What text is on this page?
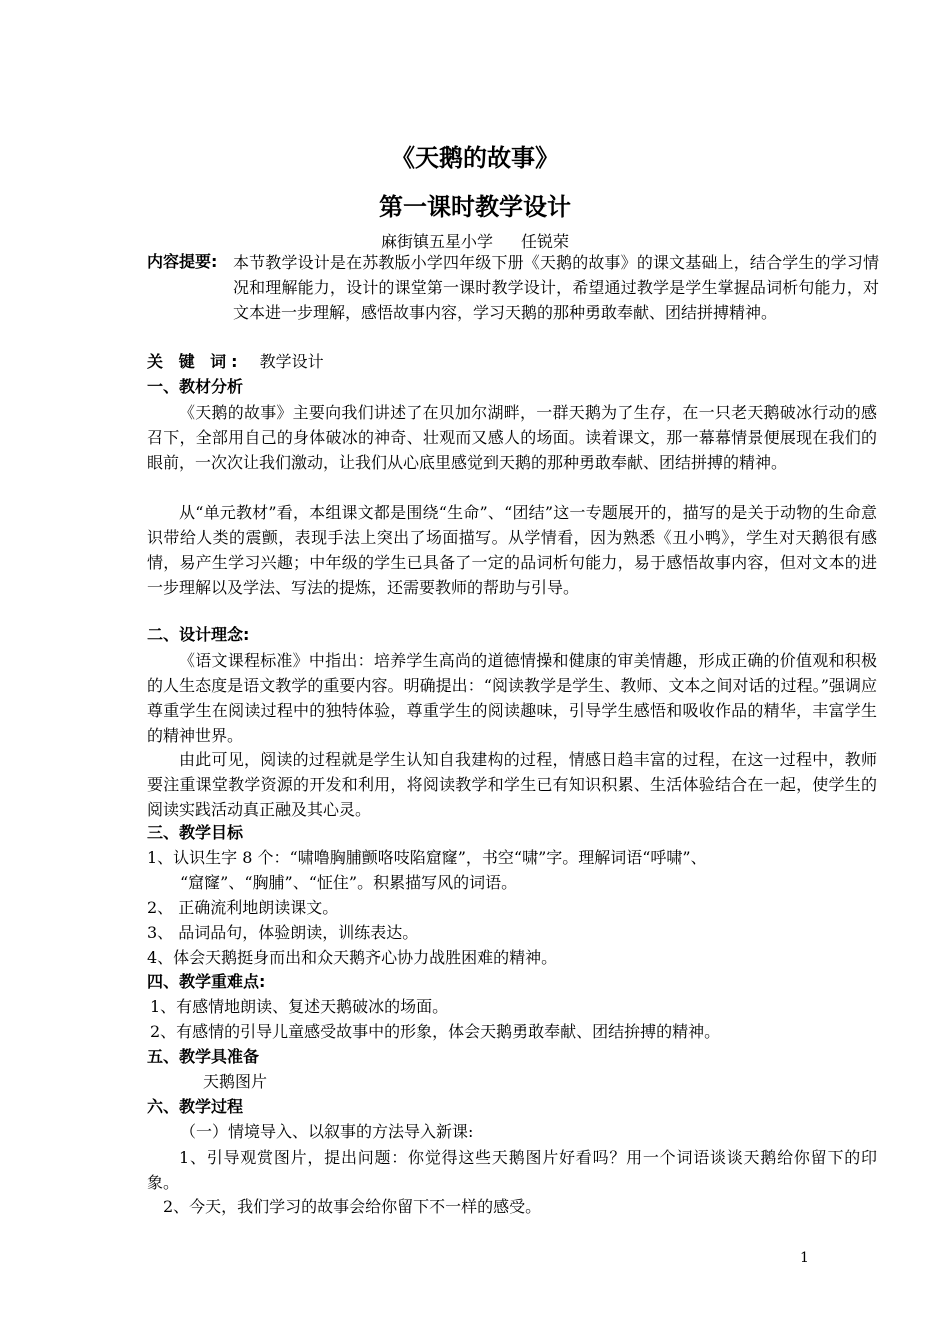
《天鹅的故事》
第一课时教学设计
麻街镇五星小学 任锐荣
内容提要: 本节教学设计是在苏教版小学四年级下册《天鹅的故事》的课文基础上，结合学生的学习情况和理解能力，设计的课堂第一课时教学设计，希望通过教学是学生掌握品词析句能力，对文本进一步理解，感悟故事内容，学习天鹅的那种勇敢奉献、团结拼搏精神。
关 键 词: 教学设计
一、教材分析
《天鹅的故事》主要向我们讲述了在贝加尔湖畔，一群天鹅为了生存，在一只老天鹅破冰行动的感召下，全部用自己的身体破冰的神奇、壮观而又感人的场面。读着课文，那一幕幕情景便展现在我们的眼前，一次次让我们激动，让我们从心底里感觉到天鹅的那种勇敢奉献、团结拼搏的精神。
从“单元教材”看，本组课文都是围绕“生命”、“团结”这一专题展开的，描写的是关于动物的生命意识带给人类的震颤，表现手法上突出了场面描写。从学情看，因为熟悉《丑小鸭》，学生对天鹅很有感情，易产生学习兴趣；中年级的学生已具备了一定的品词析句能力，易于感悟故事内容，但对文本的进一步理解以及学法、写法的提炼，还需要教师的帮助与引导。
二、设计理念:
《语文课程标准》中指出：培养学生高尚的道德情操和健康的审美情趣，形成正确的价值观和积极的人生态度是语文教学的重要内容。明确提出：“阅读教学是学生、教师、文本之间对话的过程。”强调应尊重学生在阅读过程中的独特体验，尊重学生的阅读趣味，引导学生感悟和吸收作品的精华，丰富学生的精神世界。
由此可见，阅读的过程就是学生认知自我建构的过程，情感日趋丰富的过程，在这一过程中，教师要注重课堂教学资源的开发和利用，将阅读教学和学生已有知识积累、生活体验结合在一起，使学生的阅读实践活动真正融及其心灵。
三、教学目标
1、认识生字 8 个：“啸噜胸脯颤咯吱陷窟窿”，书空“啸”字。理解词语“呼啸”、
“窟窿”、“胸脯”、“怔住”。积累描写风的词语。
2、 正确流利地朗读课文。
3、 品词品句，体验朗读，训练表达。
4、体会天鹅挺身而出和众天鹅齐心协力战胜困难的精神。
四、教学重难点:
1、有感情地朗读、复述天鹅破冰的场面。
2、有感情的引导儿童感受故事中的形象，体会天鹅勇敢奉献、团结拚搏的精神。
五、教学具准备
天鹅图片
六、教学过程
（一）情境导入、以叙事的方法导入新课:
1、引导观赏图片，提出问题：你觉得这些天鹅图片好看吗？用一个词语谈谈天鹅给你留下的印象。
2、今天，我们学习的故事会给你留下不一样的感受。
1
